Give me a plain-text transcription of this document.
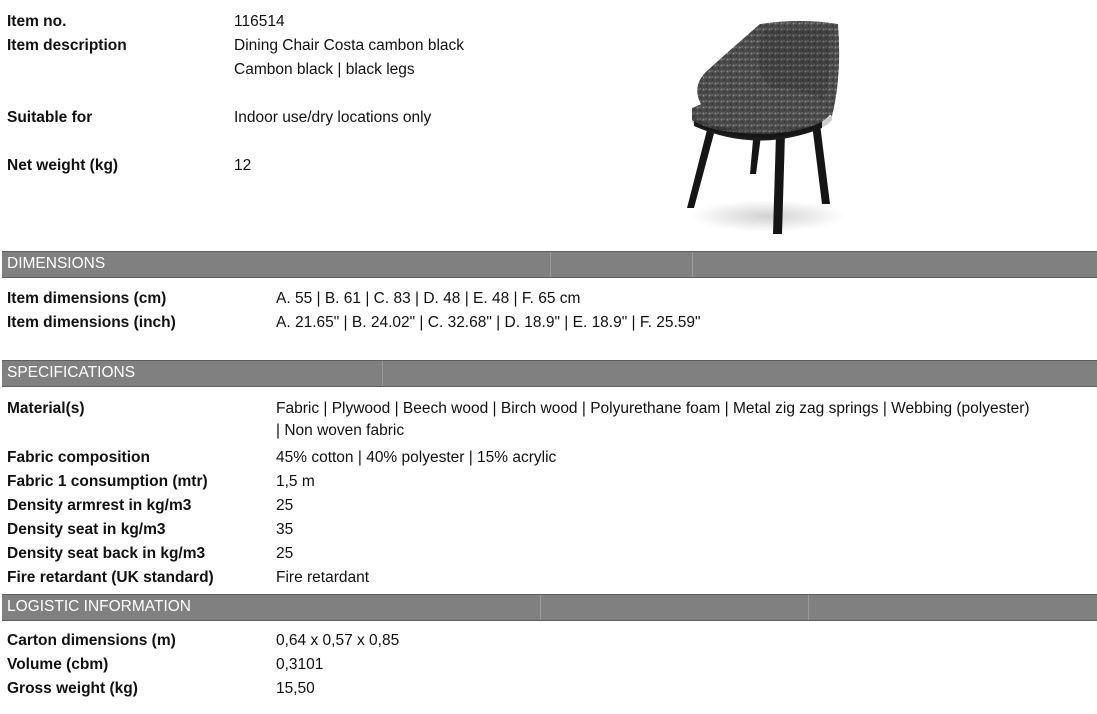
Item no.	116514
Item description	Dining Chair Costa cambon black
Cambon black | black legs
Suitable for	Indoor use/dry locations only
Net weight (kg)	12
DIMENSIONS
Item dimensions (cm)	A. 55 | B. 61 | C. 83 | D. 48 | E. 48 | F. 65 cm
Item dimensions (inch)	A. 21.65" | B. 24.02" | C. 32.68" | D. 18.9" | E. 18.9" | F. 25.59"
SPECIFICATIONS
Material(s)	Fabric | Plywood | Beech wood | Birch wood | Polyurethane foam | Metal zig zag springs | Webbing (polyester)
| Non woven fabric
Fabric composition	45% cotton | 40% polyester | 15% acrylic
Fabric 1 consumption (mtr)	1,5 m
Density armrest in kg/m3	25
Density seat in kg/m3	35
Density seat back in kg/m3	25
Fire retardant (UK standard)	Fire retardant
LOGISTIC INFORMATION
Carton dimensions (m)	0,64 x 0,57 x 0,85
Volume (cbm)	0,3101
Gross weight (kg)	15,50
